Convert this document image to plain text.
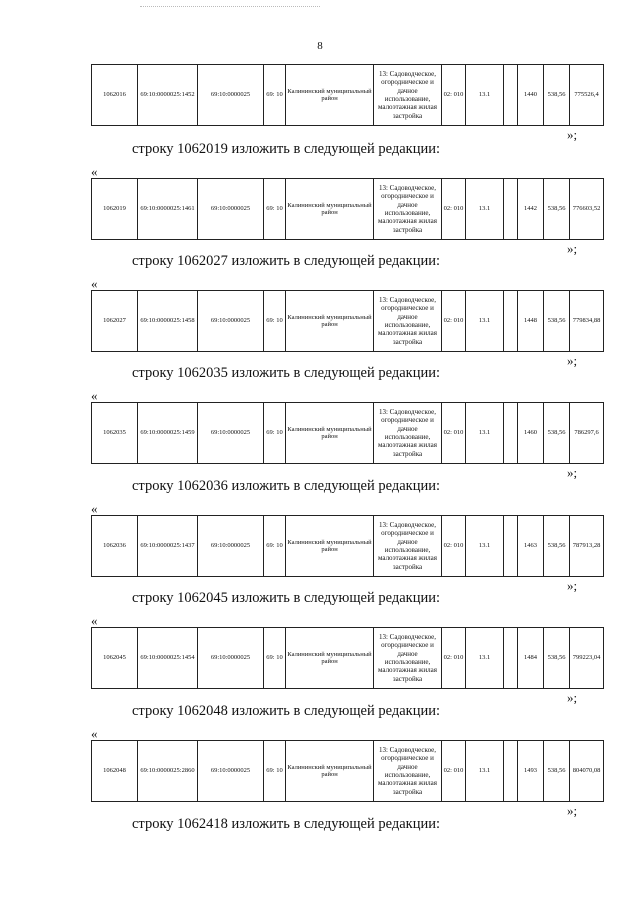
8
1062016	69:10:0000025:1452	69:10:0000025	69: 10	Калининский муниципальный район	13: Садоводческое, огородническое и дачное использование, малоэтажная жилая застройка	02: 010	13.1		1440	538,56	775526,4
»;
строку 1062019 изложить в следующей редакции:
«
1062019	69:10:0000025:1461	69:10:0000025	69: 10	Калининский муниципальный район	13: Садоводческое, огородническое и дачное использование, малоэтажная жилая застройка	02: 010	13.1		1442	538,56	776603,52
»;
строку 1062027 изложить в следующей редакции:
«
1062027	69:10:0000025:1458	69:10:0000025	69: 10	Калининский муниципальный район	13: Садоводческое, огородническое и дачное использование, малоэтажная жилая застройка	02: 010	13.1		1448	538,56	779834,88
»;
строку 1062035 изложить в следующей редакции:
«
1062035	69:10:0000025:1459	69:10:0000025	69: 10	Калининский муниципальный район	13: Садоводческое, огородническое и дачное использование, малоэтажная жилая застройка	02: 010	13.1		1460	538,56	786297,6
»;
строку 1062036 изложить в следующей редакции:
«
1062036	69:10:0000025:1437	69:10:0000025	69: 10	Калининский муниципальный район	13: Садоводческое, огородническое и дачное использование, малоэтажная жилая застройка	02: 010	13.1		1463	538,56	787913,28
»;
строку 1062045 изложить в следующей редакции:
«
1062045	69:10:0000025:1454	69:10:0000025	69: 10	Калининский муниципальный район	13: Садоводческое, огородническое и дачное использование, малоэтажная жилая застройка	02: 010	13.1		1484	538,56	799223,04
»;
строку 1062048 изложить в следующей редакции:
«
1062048	69:10:0000025:2860	69:10:0000025	69: 10	Калининский муниципальный район	13: Садоводческое, огородническое и дачное использование, малоэтажная жилая застройка	02: 010	13.1		1493	538,56	804070,08
»;
строку 1062418 изложить в следующей редакции:
